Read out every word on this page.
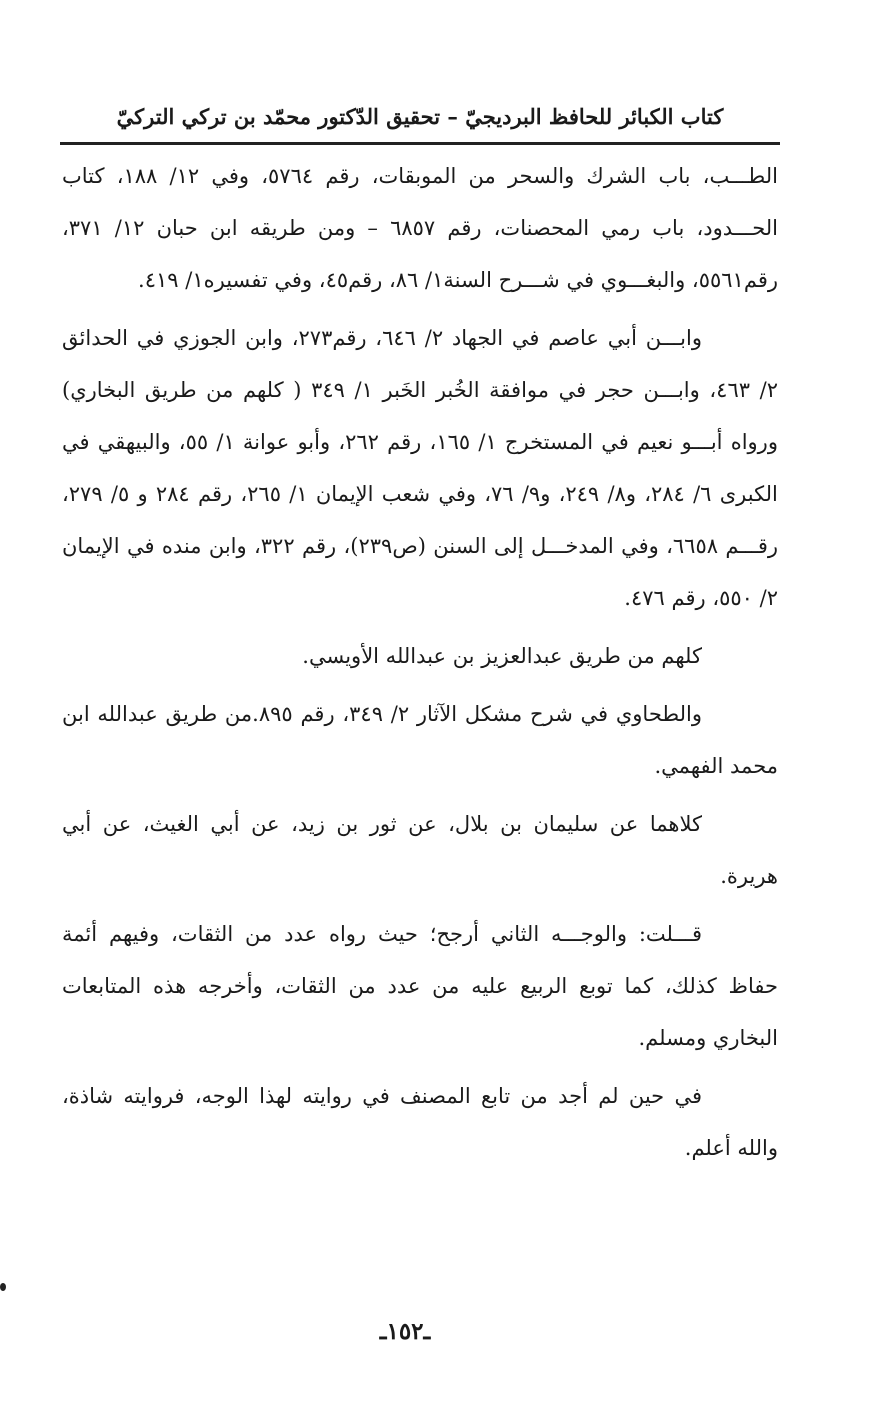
كتاب الكبائر للحافظ البرديجيّ – تحقيق الدّكتور محمّد بن تركي التركيّ

الطـــب، باب الشرك والسحر من الموبقات، رقم ٥٧٦٤، وفي ١٢/ ١٨٨، كتاب الحـــدود، باب رمي المحصنات، رقم ٦٨٥٧ – ومن طريقه ابن حبان ١٢/ ٣٧١، رقم٥٥٦١، والبغـــوي في شـــرح السنة١/ ٨٦، رقم٤٥، وفي تفسيره١/ ٤١٩.

وابـــن أبي عاصم في الجهاد ٢/ ٦٤٦، رقم٢٧٣، وابن الجوزي في الحدائق ٢/ ٤٦٣، وابـــن حجر في موافقة الخُبر الخَبر ١/ ٣٤٩ ( كلهم من طريق البخاري) ورواه أبـــو نعيم في المستخرج ١/ ١٦٥، رقم ٢٦٢، وأبو عوانة ١/ ٥٥، والبيهقي في الكبرى ٦/ ٢٨٤، و٨/ ٢٤٩، و٩/ ٧٦، وفي شعب الإيمان ١/ ٢٦٥، رقم ٢٨٤ و ٥/ ٢٧٩، رقـــم ٦٦٥٨، وفي المدخـــل إلى السنن (ص٢٣٩)، رقم ٣٢٢، وابن منده في الإيمان ٢/ ٥٥٠، رقم ٤٧٦.

كلهم من طريق عبدالعزيز بن عبدالله الأويسي.

والطحاوي في شرح مشكل الآثار ٢/ ٣٤٩، رقم ٨٩٥.من طريق عبدالله ابن محمد الفهمي.

كلاهما عن سليمان بن بلال، عن ثور بن زيد، عن أبي الغيث، عن أبي هريرة.

قـــلت: والوجـــه الثاني أرجح؛ حيث رواه عدد من الثقات، وفيهم أئمة حفاظ كذلك، كما توبع الربيع عليه من عدد من الثقات، وأخرجه هذه المتابعات البخاري ومسلم.

في حين لم أجد من تابع المصنف في روايته لهذا الوجه، فروايته شاذة، والله أعلم.

ـ١٥٢ـ
